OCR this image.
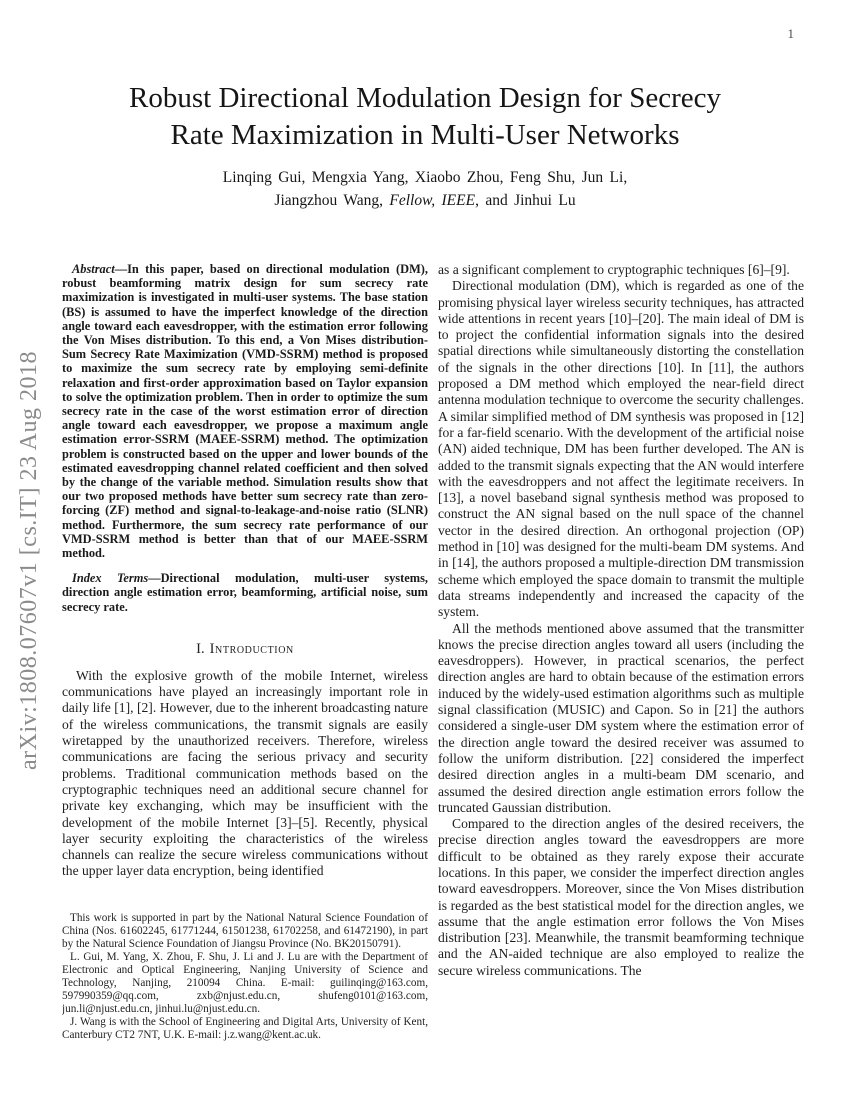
1
arXiv:1808.07607v1 [cs.IT] 23 Aug 2018
Robust Directional Modulation Design for Secrecy
Rate Maximization in Multi-User Networks
Linqing Gui, Mengxia Yang, Xiaobo Zhou, Feng Shu, Jun Li,
Jiangzhou Wang, Fellow, IEEE, and Jinhui Lu

Abstract—In this paper, based on directional modulation (DM), robust beamforming matrix design for sum secrecy rate maximization is investigated in multi-user systems. The base station (BS) is assumed to have the imperfect knowledge of the direction angle toward each eavesdropper, with the estimation error following the Von Mises distribution. To this end, a Von Mises distribution-Sum Secrecy Rate Maximization (VMD-SSRM) method is proposed to maximize the sum secrecy rate by employing semi-definite relaxation and first-order approximation based on Taylor expansion to solve the optimization problem. Then in order to optimize the sum secrecy rate in the case of the worst estimation error of direction angle toward each eavesdropper, we propose a maximum angle estimation error-SSRM (MAEE-SSRM) method. The optimization problem is constructed based on the upper and lower bounds of the estimated eavesdropping channel related coefficient and then solved by the change of the variable method. Simulation results show that our two proposed methods have better sum secrecy rate than zero-forcing (ZF) method and signal-to-leakage-and-noise ratio (SLNR) method. Furthermore, the sum secrecy rate performance of our VMD-SSRM method is better than that of our MAEE-SSRM method.

Index Terms—Directional modulation, multi-user systems, direction angle estimation error, beamforming, artificial noise, sum secrecy rate.

I. Introduction

With the explosive growth of the mobile Internet, wireless communications have played an increasingly important role in daily life [1], [2]. However, due to the inherent broadcasting nature of the wireless communications, the transmit signals are easily wiretapped by the unauthorized receivers. Therefore, wireless communications are facing the serious privacy and security problems. Traditional communication methods based on the cryptographic techniques need an additional secure channel for private key exchanging, which may be insufficient with the development of the mobile Internet [3]–[5]. Recently, physical layer security exploiting the characteristics of the wireless channels can realize the secure wireless communications without the upper layer data encryption, being identified

This work is supported in part by the National Natural Science Foundation of China (Nos. 61602245, 61771244, 61501238, 61702258, and 61472190), in part by the Natural Science Foundation of Jiangsu Province (No. BK20150791).

L. Gui, M. Yang, X. Zhou, F. Shu, J. Li and J. Lu are with the Department of Electronic and Optical Engineering, Nanjing University of Science and Technology, Nanjing, 210094 China. E-mail: guilinqing@163.com, 597990359@qq.com, zxb@njust.edu.cn, shufeng0101@163.com, jun.li@njust.edu.cn, jinhui.lu@njust.edu.cn.

J. Wang is with the School of Engineering and Digital Arts, University of Kent, Canterbury CT2 7NT, U.K. E-mail: j.z.wang@kent.ac.uk.

as a significant complement to cryptographic techniques [6]–[9].

Directional modulation (DM), which is regarded as one of the promising physical layer wireless security techniques, has attracted wide attentions in recent years [10]–[20]. The main ideal of DM is to project the confidential information signals into the desired spatial directions while simultaneously distorting the constellation of the signals in the other directions [10]. In [11], the authors proposed a DM method which employed the near-field direct antenna modulation technique to overcome the security challenges. A similar simplified method of DM synthesis was proposed in [12] for a far-field scenario. With the development of the artificial noise (AN) aided technique, DM has been further developed. The AN is added to the transmit signals expecting that the AN would interfere with the eavesdroppers and not affect the legitimate receivers. In [13], a novel baseband signal synthesis method was proposed to construct the AN signal based on the null space of the channel vector in the desired direction. An orthogonal projection (OP) method in [10] was designed for the multi-beam DM systems. And in [14], the authors proposed a multiple-direction DM transmission scheme which employed the space domain to transmit the multiple data streams independently and increased the capacity of the system.

All the methods mentioned above assumed that the transmitter knows the precise direction angles toward all users (including the eavesdroppers). However, in practical scenarios, the perfect direction angles are hard to obtain because of the estimation errors induced by the widely-used estimation algorithms such as multiple signal classification (MUSIC) and Capon. So in [21] the authors considered a single-user DM system where the estimation error of the direction angle toward the desired receiver was assumed to follow the uniform distribution. [22] considered the imperfect desired direction angles in a multi-beam DM scenario, and assumed the desired direction angle estimation errors follow the truncated Gaussian distribution.

Compared to the direction angles of the desired receivers, the precise direction angles toward the eavesdroppers are more difficult to be obtained as they rarely expose their accurate locations. In this paper, we consider the imperfect direction angles toward eavesdroppers. Moreover, since the Von Mises distribution is regarded as the best statistical model for the direction angles, we assume that the angle estimation error follows the Von Mises distribution [23]. Meanwhile, the transmit beamforming technique and the AN-aided technique are also employed to realize the secure wireless communications. The
